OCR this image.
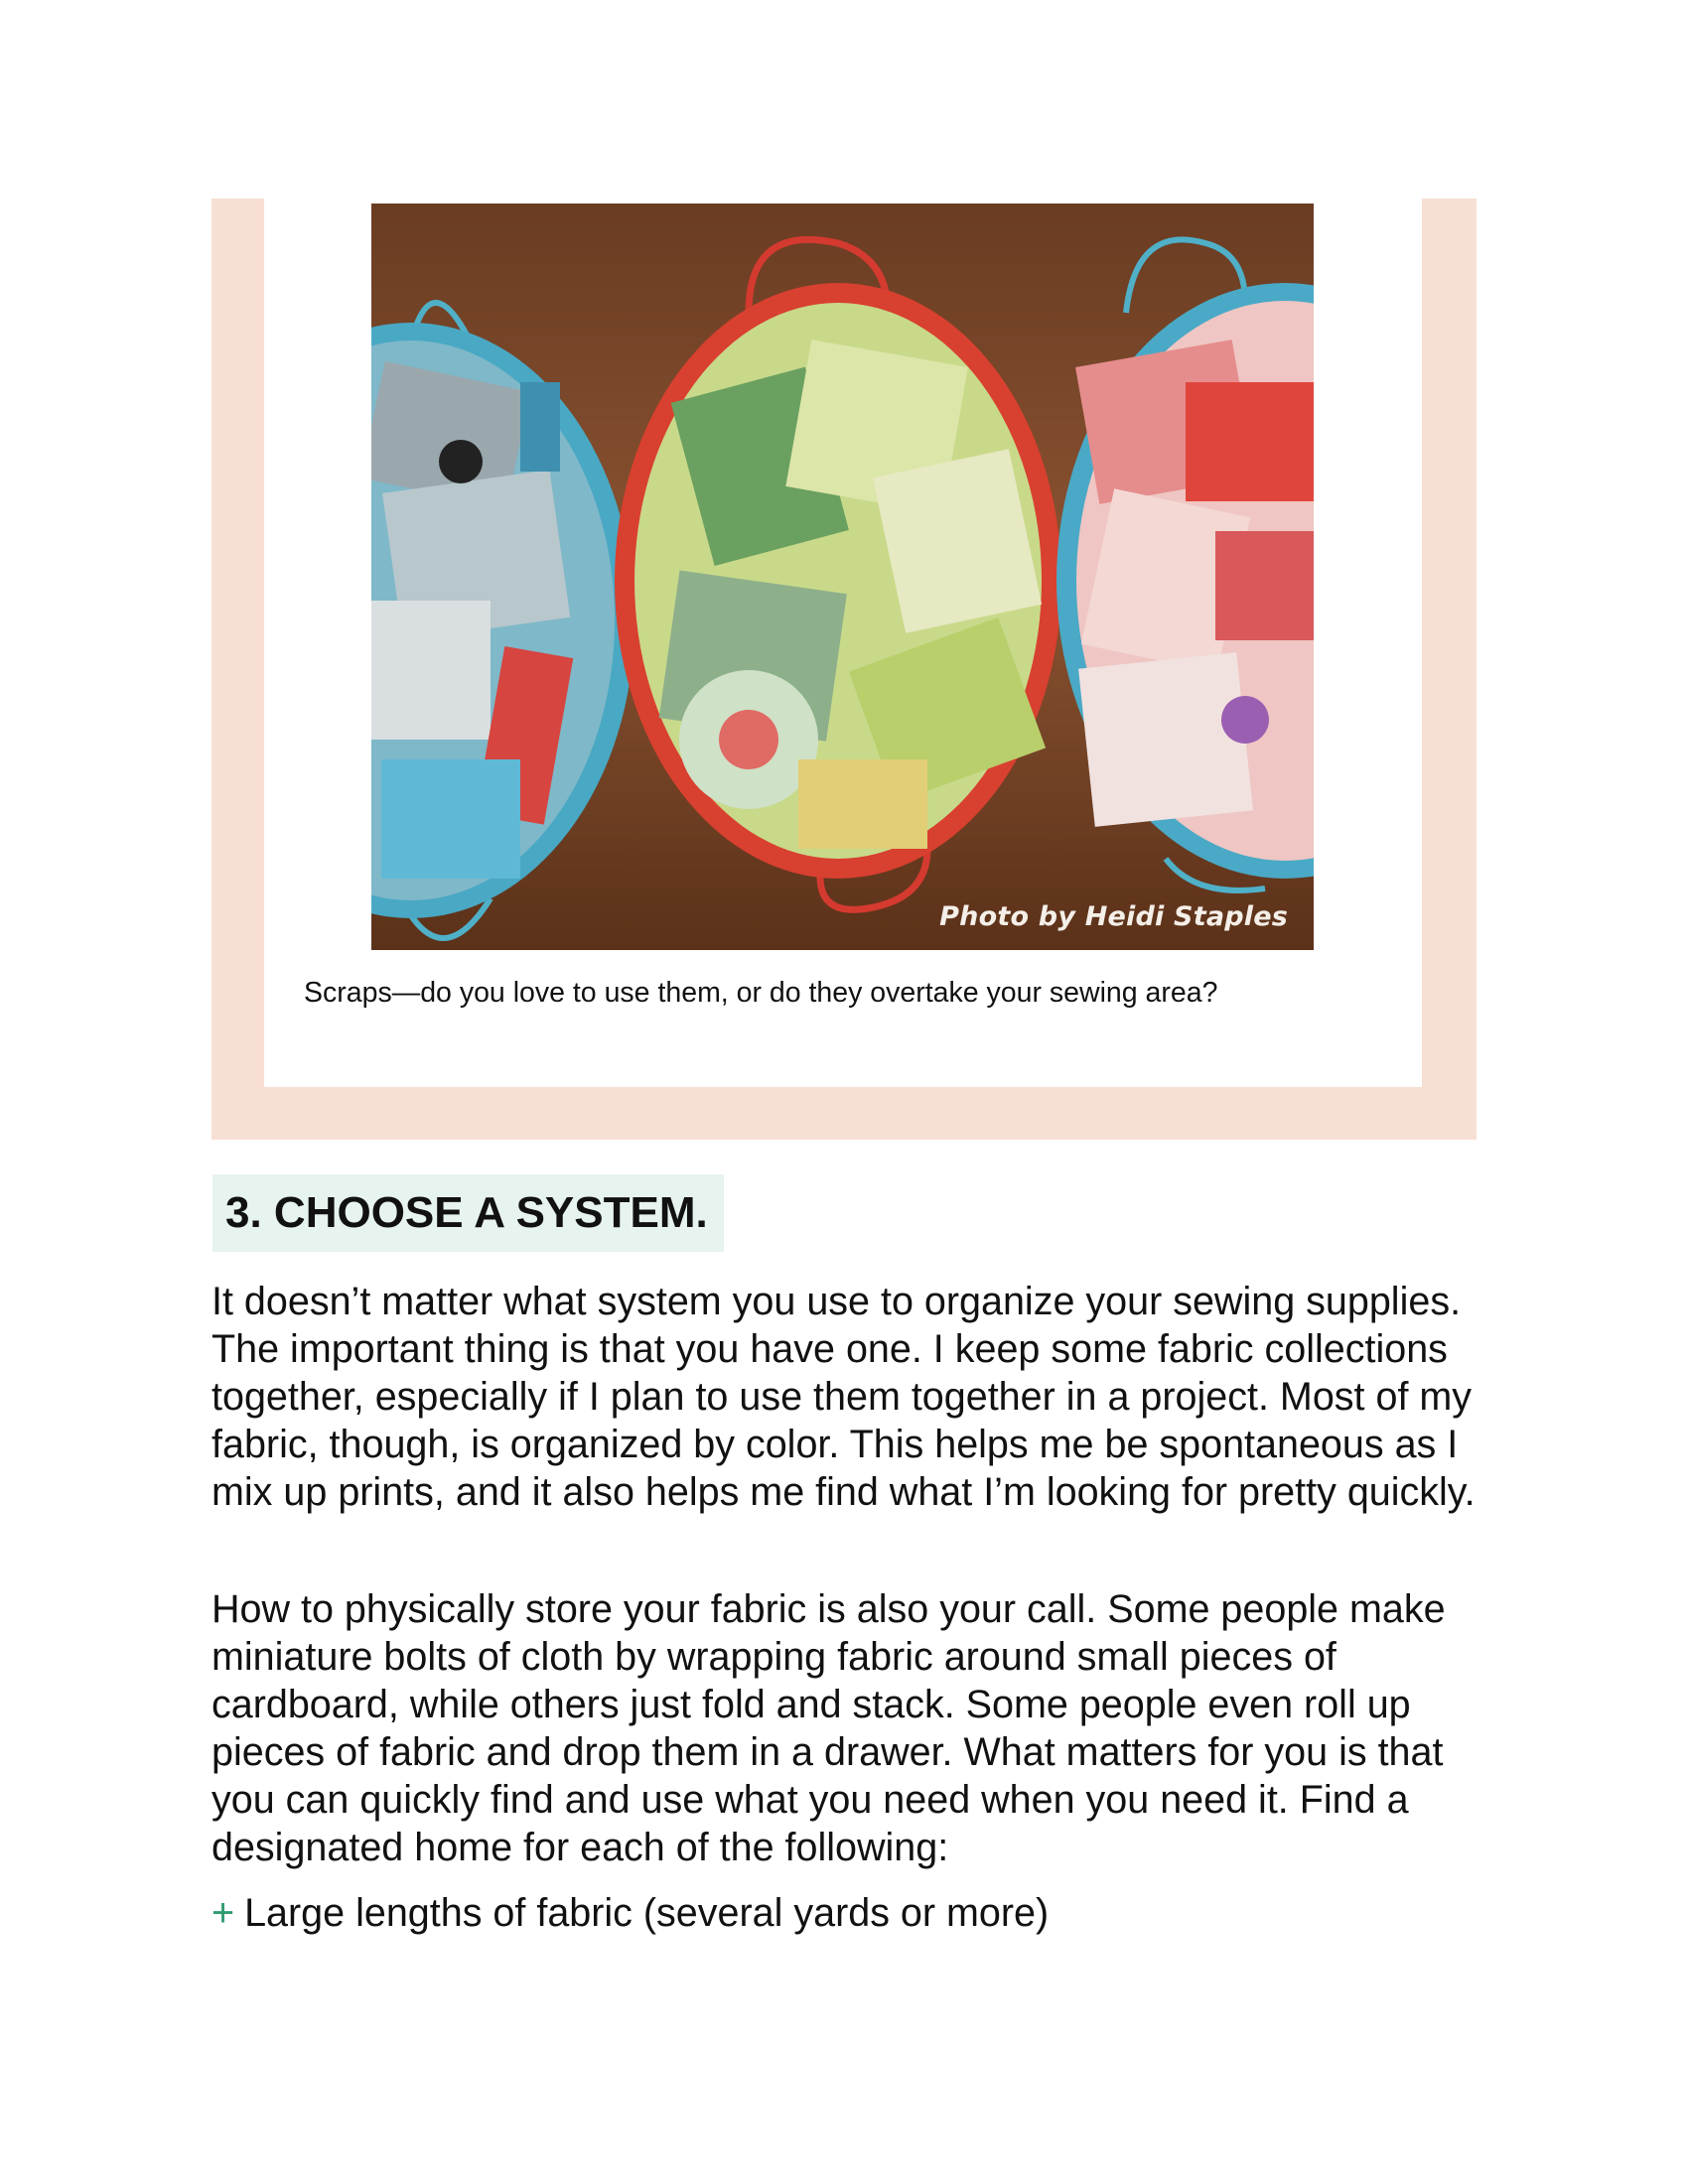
Photo by Heidi Staples
Scraps—do you love to use them, or do they overtake your sewing area?
3. CHOOSE A SYSTEM.

It doesn’t matter what system you use to organize your sewing supplies. The important thing is that you have one. I keep some fabric collections together, especially if I plan to use them together in a project. Most of my fabric, though, is organized by color. This helps me be spontaneous as I mix up prints, and it also helps me find what I’m looking for pretty quickly.

How to physically store your fabric is also your call. Some people make miniature bolts of cloth by wrapping fabric around small pieces of cardboard, while others just fold and stack. Some people even roll up pieces of fabric and drop them in a drawer. What matters for you is that you can quickly find and use what you need when you need it. Find a designated home for each of the following:

+ Large lengths of fabric (several yards or more)
